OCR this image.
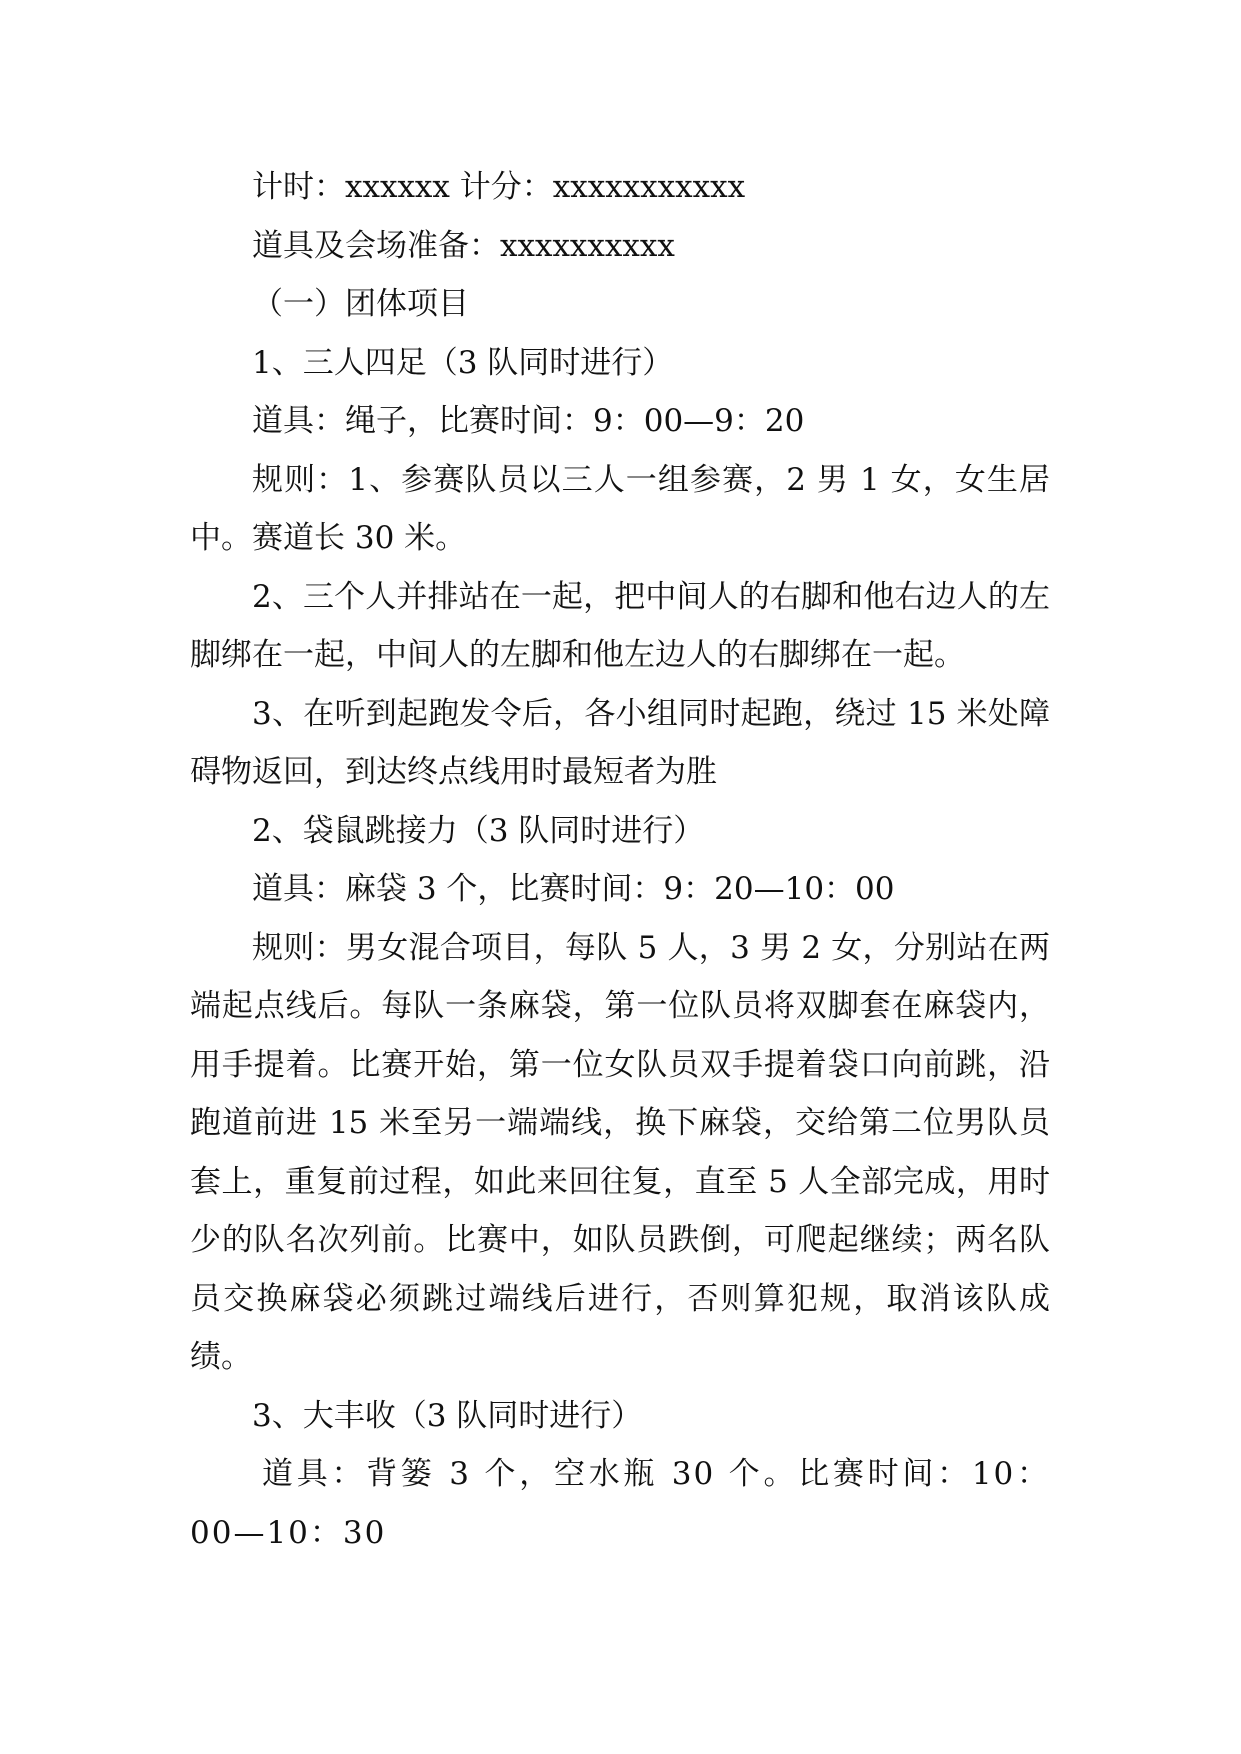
计时：xxxxxx 计分：xxxxxxxxxxx

道具及会场准备：xxxxxxxxxx

（一）团体项目

1、三人四足（3 队同时进行）

道具：绳子，比赛时间：9：00—9：20

规则：1、参赛队员以三人一组参赛，2 男 1 女，女生居中。赛道长 30 米。

2、三个人并排站在一起，把中间人的右脚和他右边人的左脚绑在一起，中间人的左脚和他左边人的右脚绑在一起。

3、在听到起跑发令后，各小组同时起跑，绕过 15 米处障碍物返回，到达终点线用时最短者为胜

2、袋鼠跳接力（3 队同时进行）

道具：麻袋 3 个，比赛时间：9：20—10：00

规则：男女混合项目，每队 5 人，3 男 2 女，分别站在两端起点线后。每队一条麻袋，第一位队员将双脚套在麻袋内，用手提着。比赛开始，第一位女队员双手提着袋口向前跳，沿跑道前进 15 米至另一端端线，换下麻袋，交给第二位男队员套上，重复前过程，如此来回往复，直至 5 人全部完成，用时少的队名次列前。比赛中，如队员跌倒，可爬起继续；两名队员交换麻袋必须跳过端线后进行，否则算犯规，取消该队成绩。

3、大丰收（3 队同时进行）

道具：背篓 3 个，空水瓶 30 个。比赛时间：10：00—10：30
